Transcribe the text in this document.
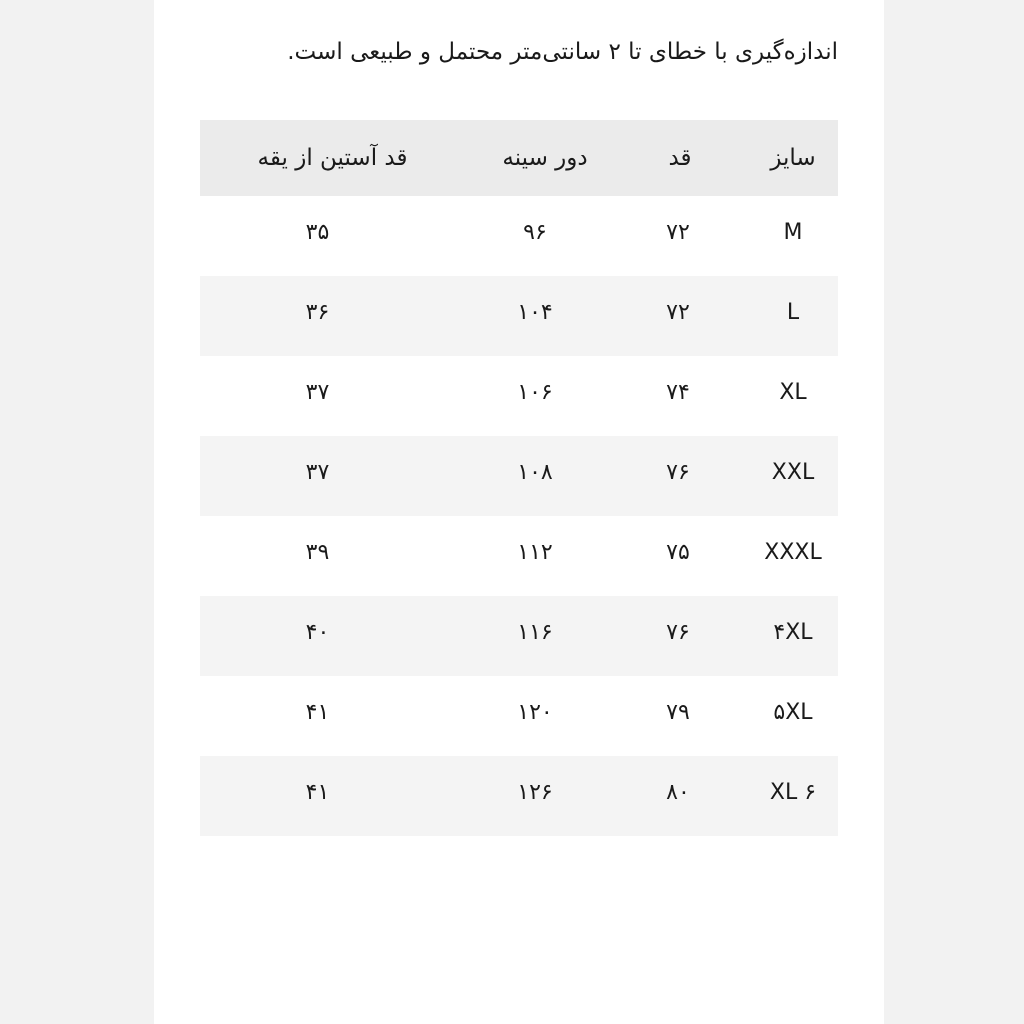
اندازه‌گیری با خطای تا ۲ سانتی‌متر محتمل و طبیعی است.
سایز
قد
دور سینه
قد آستین از یقه
M
۷۲
۹۶
۳۵
L
۷۲
۱۰۴
۳۶
XL
۷۴
۱۰۶
۳۷
XXL
۷۶
۱۰۸
۳۷
XXXL
۷۵
۱۱۲
۳۹
۴XL
۷۶
۱۱۶
۴۰
۵XL
۷۹
۱۲۰
۴۱
XL ۶
۸۰
۱۲۶
۴۱
